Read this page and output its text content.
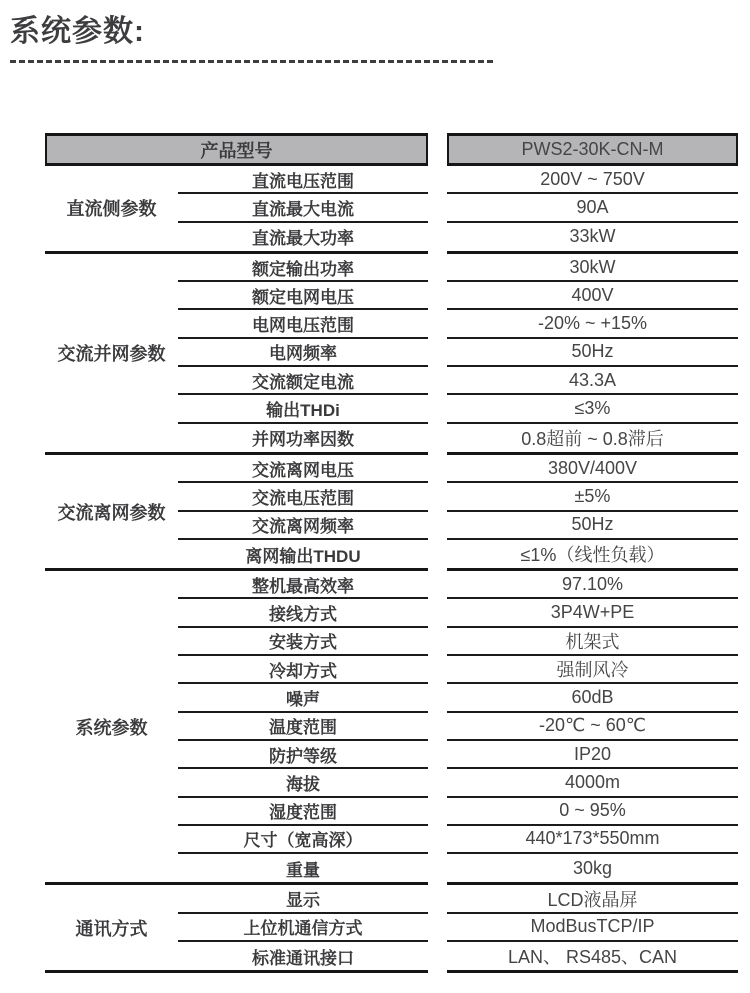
系统参数:
产品型号	PWS2-30K-CN-M
直流侧参数
直流电压范围
直流最大电流
直流最大功率
200V ~ 750V
90A
33kW
交流并网参数
额定输出功率
额定电网电压
电网电压范围
电网频率
交流额定电流
输出THDi
并网功率因数
30kW
400V
-20% ~ +15%
50Hz
43.3A
≤3%
0.8超前 ~ 0.8滞后
交流离网参数
交流离网电压
交流电压范围
交流离网频率
离网输出THDU
380V/400V
±5%
50Hz
≤1%（线性负载）
系统参数
整机最高效率
接线方式
安装方式
冷却方式
噪声
温度范围
防护等级
海拔
湿度范围
尺寸（宽高深）
重量
97.10%
3P4W+PE
机架式
强制风冷
60dB
-20℃ ~ 60℃
IP20
4000m
0 ~ 95%
440*173*550mm
30kg
通讯方式
显示
上位机通信方式
标准通讯接口
LCD液晶屏
ModBusTCP/IP
LAN、 RS485、CAN
